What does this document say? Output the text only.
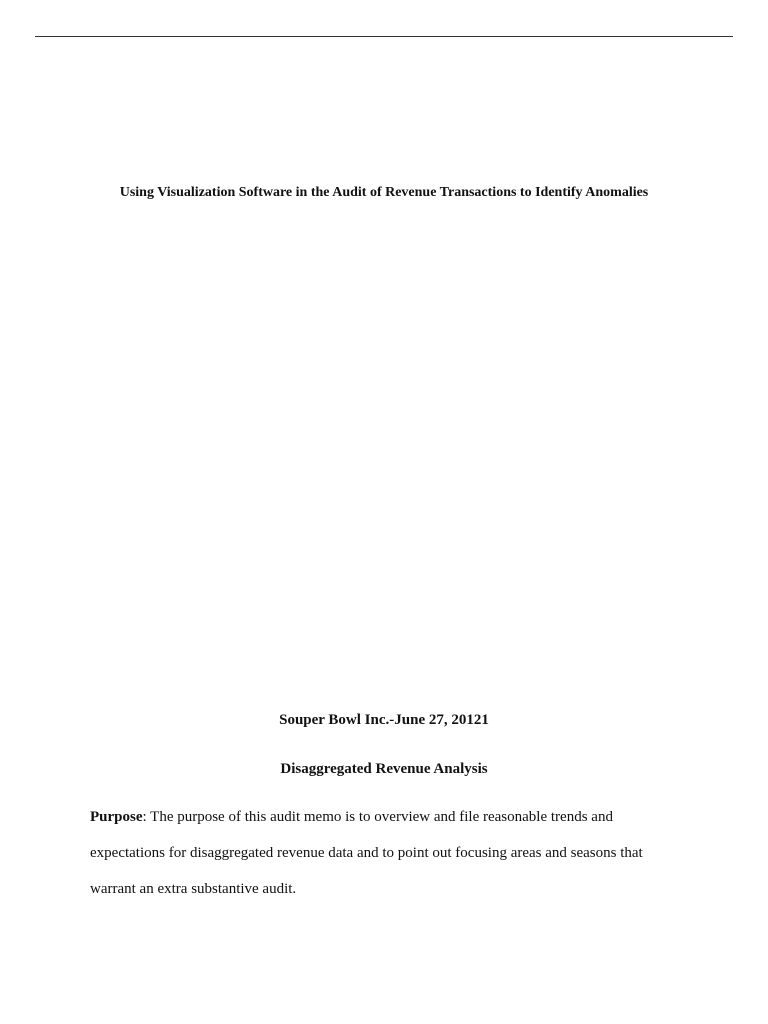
Using Visualization Software in the Audit of Revenue Transactions to Identify Anomalies
Souper Bowl Inc.-June 27, 20121
Disaggregated Revenue Analysis

Purpose: The purpose of this audit memo is to overview and file reasonable trends and
expectations for disaggregated revenue data and to point out focusing areas and seasons that
warrant an extra substantive audit.
